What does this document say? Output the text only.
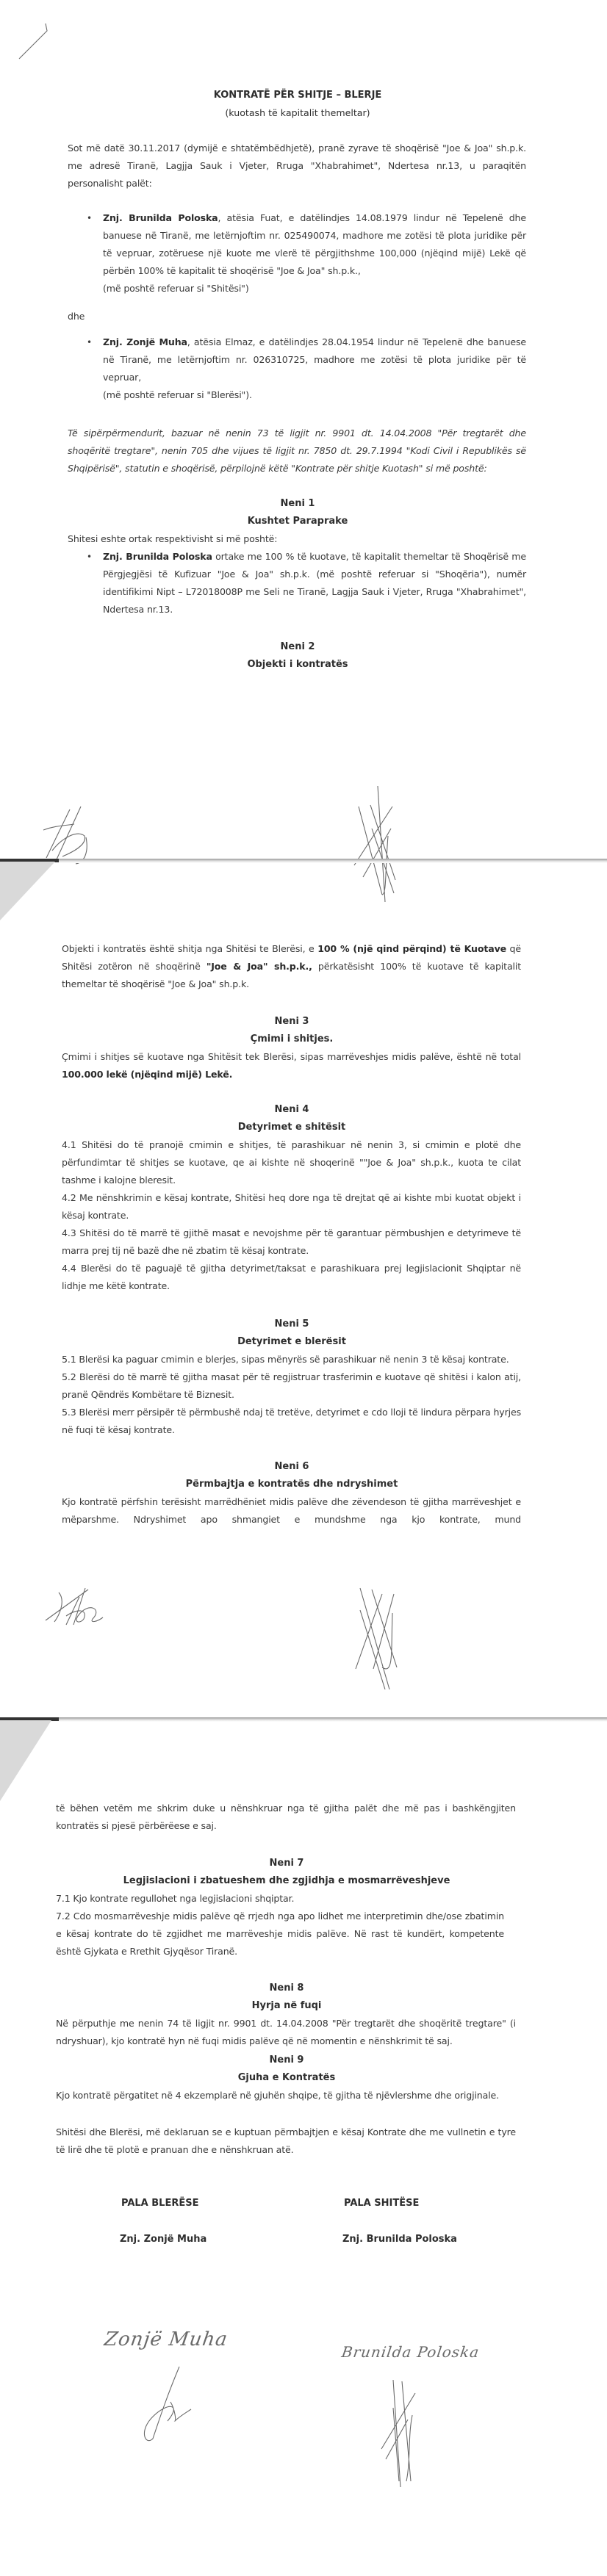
KONTRATË PËR SHITJE – BLERJE
(kuotash të kapitalit themeltar)
Sot më datë 30.11.2017 (dymijë e shtatëmbëdhjetë), pranë zyrave të shoqërisë "Joe & Joa" sh.p.k. me adresë Tiranë, Lagjja Sauk i Vjeter, Rruga "Xhabrahimet", Ndertesa nr.13, u paraqitën personalisht palët:
• Znj. Brunilda Poloska, atësia Fuat, e datëlindjes 14.08.1979 lindur në Tepelenë dhe banuese në Tiranë, me letërnjoftim nr. 025490074, madhore me zotësi të plota juridike për të vepruar, zotëruese një kuote me vlerë të përgjithshme 100,000 (njëqind mijë) Lekë që përbën 100% të kapitalit të shoqërisë "Joe & Joa" sh.p.k.,
(më poshtë referuar si "Shitësi")
dhe
• Znj. Zonjë Muha, atësia Elmaz, e datëlindjes 28.04.1954 lindur në Tepelenë dhe banuese në Tiranë, me letërnjoftim nr. 026310725, madhore me zotësi të plota juridike për të vepruar,
(më poshtë referuar si "Blerësi").
Të sipërpërmendurit, bazuar në nenin 73 të ligjit nr. 9901 dt. 14.04.2008 "Për tregtarët dhe shoqëritë tregtare", nenin 705 dhe vijues të ligjit nr. 7850 dt. 29.7.1994 "Kodi Civil i Republikës së Shqipërisë", statutin e shoqërisë, përpilojnë këtë "Kontrate për shitje Kuotash" si më poshtë:
Neni 1
Kushtet Paraprake
Shitesi eshte ortak respektivisht si më poshtë:
• Znj. Brunilda Poloska ortake me 100 % të kuotave, të kapitalit themeltar të Shoqërisë me Përgjegjësi të Kufizuar "Joe & Joa" sh.p.k. (më poshtë referuar si "Shoqëria"), numër identifikimi Nipt – L72018008P me Seli ne Tiranë, Lagjja Sauk i Vjeter, Rruga "Xhabrahimet", Ndertesa nr.13.
Neni 2
Objekti i kontratës
Objekti i kontratës është shitja nga Shitësi te Blerësi, e 100 % (një qind përqind) të Kuotave që Shitësi zotëron në shoqërinë "Joe & Joa" sh.p.k., përkatësisht 100% të kuotave të kapitalit themeltar të shoqërisë "Joe & Joa" sh.p.k.
Neni 3
Çmimi i shitjes.
Çmimi i shitjes së kuotave nga Shitësit tek Blerësi, sipas marrëveshjes midis palëve, është në total 100.000 lekë (njëqind mijë) Lekë.
Neni 4
Detyrimet e shitësit
4.1 Shitësi do të pranojë cmimin e shitjes, të parashikuar në nenin 3, si cmimin e plotë dhe përfundimtar të shitjes se kuotave, qe ai kishte në shoqerinë ""Joe & Joa" sh.p.k., kuota te cilat tashme i kalojne bleresit.
4.2 Me nënshkrimin e kësaj kontrate, Shitësi heq dore nga të drejtat që ai kishte mbi kuotat objekt i kësaj kontrate.
4.3 Shitësi do të marrë të gjithë masat e nevojshme për të garantuar përmbushjen e detyrimeve të marra prej tij në bazë dhe në zbatim të kësaj kontrate.
4.4 Blerësi do të paguajë të gjitha detyrimet/taksat e parashikuara prej legjislacionit Shqiptar në lidhje me këtë kontrate.
Neni 5
Detyrimet e blerësit
5.1 Blerësi ka paguar cmimin e blerjes, sipas mënyrës së parashikuar në nenin 3 të kësaj kontrate.
5.2 Blerësi do të marrë të gjitha masat për të regjistruar trasferimin e kuotave që shitësi i kalon atij, pranë Qëndrës Kombëtare të Biznesit.
5.3 Blerësi merr përsipër të përmbushë ndaj të tretëve, detyrimet e cdo lloji të lindura përpara hyrjes në fuqi të kësaj kontrate.
Neni 6
Përmbajtja e kontratës dhe ndryshimet
Kjo kontratë përfshin terësisht marrëdhëniet midis palëve dhe zëvendeson të gjitha marrëveshjet e mëparshme. Ndryshimet apo shmangiet e mundshme nga kjo kontrate, mund
të bëhen vetëm me shkrim duke u nënshkruar nga të gjitha palët dhe më pas i bashkëngjiten kontratës si pjesë përbërëese e saj.
Neni 7
Legjislacioni i zbatueshem dhe zgjidhja e mosmarrëveshjeve
7.1 Kjo kontrate regullohet nga legjislacioni shqiptar.
7.2 Cdo mosmarrëveshje midis palëve që rrjedh nga apo lidhet me interpretimin dhe/ose zbatimin e kësaj kontrate do të zgjidhet me marrëveshje midis palëve. Në rast të kundërt, kompetente është Gjykata e Rrethit Gjyqësor Tiranë.
Neni 8
Hyrja në fuqi
Në përputhje me nenin 74 të ligjit nr. 9901 dt. 14.04.2008 "Për tregtarët dhe shoqëritë tregtare" (i ndryshuar), kjo kontratë hyn në fuqi midis palëve që në momentin e nënshkrimit të saj.
Neni 9
Gjuha e Kontratës
Kjo kontratë përgatitet në 4 ekzemplarë në gjuhën shqipe, të gjitha të njëvlershme dhe origjinale.
Shitësi dhe Blerësi, më deklaruan se e kuptuan përmbajtjen e kësaj Kontrate dhe me vullnetin e tyre të lirë dhe të plotë e pranuan dhe e nënshkruan atë.
PALA BLERËSE	PALA SHITËSE
Znj. Zonjë Muha	Znj. Brunilda Poloska
Zonjë Muha
Brunilda Poloska
